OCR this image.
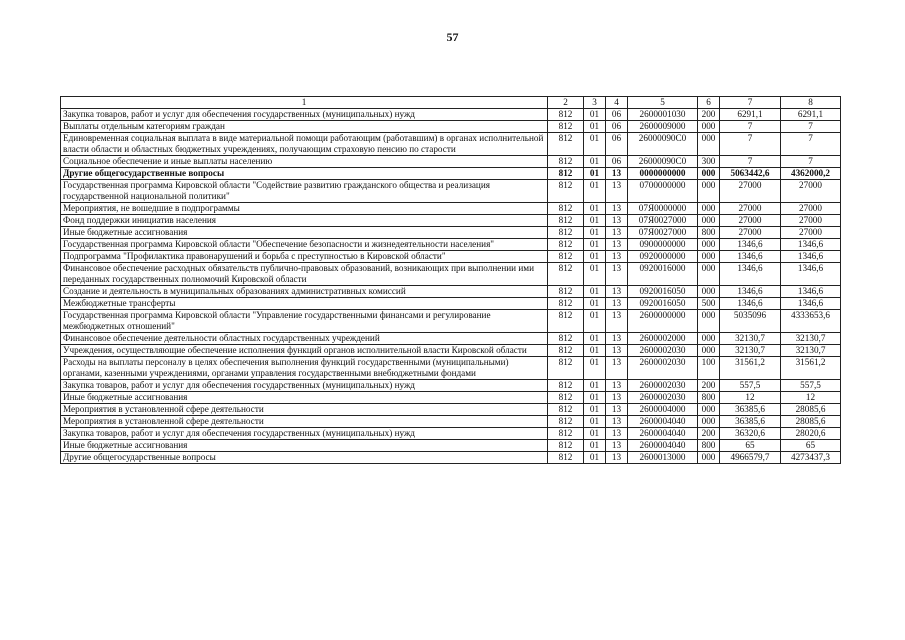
57
1	2	3	4	5	6	7	8
Закупка товаров, работ и услуг для обеспечения государственных (муниципальных) нужд	812	01	06	2600001030	200	6291,1	6291,1
Выплаты отдельным категориям граждан	812	01	06	2600009000	000	7	7
Единовременная социальная выплата в виде материальной помощи работающим (работавшим) в органах исполнительной власти области и областных бюджетных учреждениях, получающим страховую пенсию по старости	812	01	06	26000090С0	000	7	7
Социальное обеспечение и иные выплаты населению	812	01	06	26000090С0	300	7	7
Другие общегосударственные вопросы	812	01	13	0000000000	000	5063442,6	4362000,2
Государственная программа Кировской области "Содействие развитию гражданского общества и реализация государственной национальной политики"	812	01	13	0700000000	000	27000	27000
Мероприятия, не вошедшие в подпрограммы	812	01	13	07Я0000000	000	27000	27000
Фонд поддержки инициатив населения	812	01	13	07Я0027000	000	27000	27000
Иные бюджетные ассигнования	812	01	13	07Я0027000	800	27000	27000
Государственная программа Кировской области "Обеспечение безопасности и жизнедеятельности населения"	812	01	13	0900000000	000	1346,6	1346,6
Подпрограмма "Профилактика правонарушений и борьба с преступностью в Кировской области"	812	01	13	0920000000	000	1346,6	1346,6
Финансовое обеспечение расходных обязательств публично-правовых образований, возникающих при выполнении ими переданных государственных полномочий Кировской области	812	01	13	0920016000	000	1346,6	1346,6
Создание и деятельность в муниципальных образованиях административных комиссий	812	01	13	0920016050	000	1346,6	1346,6
Межбюджетные трансферты	812	01	13	0920016050	500	1346,6	1346,6
Государственная программа Кировской области "Управление государственными финансами и регулирование межбюджетных отношений"	812	01	13	2600000000	000	5035096	4333653,6
Финансовое обеспечение деятельности областных государственных учреждений	812	01	13	2600002000	000	32130,7	32130,7
Учреждения, осуществляющие обеспечение исполнения функций органов исполнительной власти Кировской области	812	01	13	2600002030	000	32130,7	32130,7
Расходы на выплаты персоналу в целях обеспечения выполнения функций государственными (муниципальными) органами, казенными учреждениями, органами управления государственными внебюджетными фондами	812	01	13	2600002030	100	31561,2	31561,2
Закупка товаров, работ и услуг для обеспечения государственных (муниципальных) нужд	812	01	13	2600002030	200	557,5	557,5
Иные бюджетные ассигнования	812	01	13	2600002030	800	12	12
Мероприятия в установленной сфере деятельности	812	01	13	2600004000	000	36385,6	28085,6
Мероприятия в установленной сфере деятельности	812	01	13	2600004040	000	36385,6	28085,6
Закупка товаров, работ и услуг для обеспечения государственных (муниципальных) нужд	812	01	13	2600004040	200	36320,6	28020,6
Иные бюджетные ассигнования	812	01	13	2600004040	800	65	65
Другие общегосударственные вопросы	812	01	13	2600013000	000	4966579,7	4273437,3
